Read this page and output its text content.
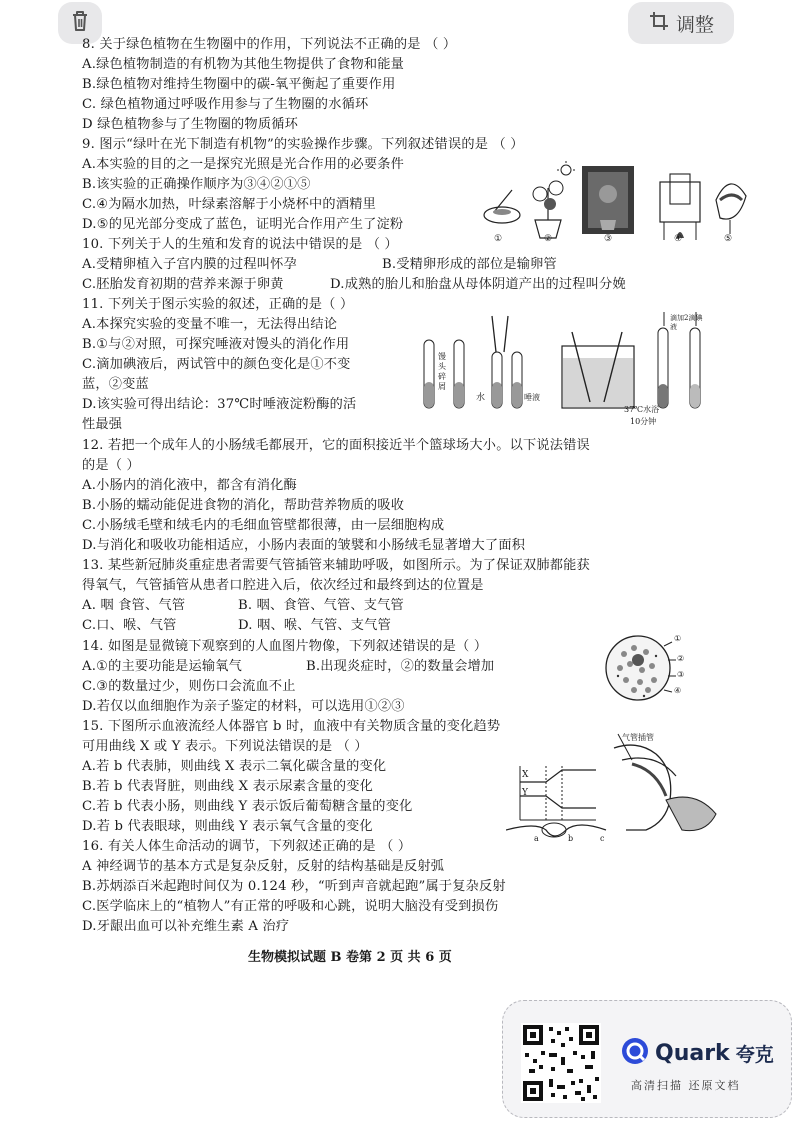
调整
8. 关于绿色植物在生物圈中的作用，下列说法不正确的是 （ ）
A.绿色植物制造的有机物为其他生物提供了食物和能量
B.绿色植物对维持生物圈中的碳-氧平衡起了重要作用
C. 绿色植物通过呼吸作用参与了生物圈的水循环
D 绿色植物参与了生物圈的物质循环
9. 图示“绿叶在光下制造有机物”的实验操作步骤。下列叙述错误的是 （ ）
A.本实验的目的之一是探究光照是光合作用的必要条件
B.该实验的正确操作顺序为③④②①⑤
C.④为隔水加热，叶绿素溶解于小烧杯中的酒精里
D.⑤的见光部分变成了蓝色，证明光合作用产生了淀粉
10. 下列关于人的生殖和发育的说法中错误的是 （ ）
A.受精卵植入子宫内膜的过程叫怀孕	B.受精卵形成的部位是输卵管
C.胚胎发育初期的营养来源于卵黄	D.成熟的胎儿和胎盘从母体阴道产出的过程叫分娩
11. 下列关于图示实验的叙述，正确的是（ ）
A.本探究实验的变量不唯一，无法得出结论
B.①与②对照，可探究唾液对馒头的消化作用
C.滴加碘液后，两试管中的颜色变化是①不变
蓝，②变蓝
D.该实验可得出结论：37℃时唾液淀粉酶的活
性最强
12. 若把一个成年人的小肠绒毛都展开，它的面积接近半个篮球场大小。以下说法错误
的是（ ）
A.小肠内的消化液中，都含有消化酶
B.小肠的蠕动能促进食物的消化，帮助营养物质的吸收
C.小肠绒毛壁和绒毛内的毛细血管壁都很薄，由一层细胞构成
D.与消化和吸收功能相适应，小肠内表面的皱襞和小肠绒毛显著增大了面积
13. 某些新冠肺炎重症患者需要气管插管来辅助呼吸，如图所示。为了保证双肺都能获
得氧气，气管插管从患者口腔进入后，依次经过和最终到达的位置是
A. 咽 食管、气管	B. 咽、食管、气管、支气管
C.口、喉、气管	D. 咽、喉、气管、支气管
14. 如图是显微镜下观察到的人血图片物像，下列叙述错误的是（ ）
A.①的主要功能是运输氧气	B.出现炎症时，②的数量会增加
C.③的数量过少，则伤口会流血不止
D.若仅以血细胞作为亲子鉴定的材料，可以选用①②③
15. 下图所示血液流经人体器官 b 时，血液中有关物质含量的变化趋势
可用曲线 X 或 Y 表示。下列说法错误的是 （ ）
A.若 b 代表肺，则曲线 X 表示二氧化碳含量的变化
B.若 b 代表肾脏，则曲线 X 表示尿素含量的变化
C.若 b 代表小肠，则曲线 Y 表示饭后葡萄糖含量的变化
D.若 b 代表眼球，则曲线 Y 表示氧气含量的变化
16. 有关人体生命活动的调节，下列叙述正确的是 （ ）
A 神经调节的基本方式是复杂反射，反射的结构基础是反射弧
B.苏炳添百米起跑时间仅为 0.124 秒，“听到声音就起跑”属于复杂反射
C.医学临床上的“植物人”有正常的呼吸和心跳，说明大脑没有受到损伤
D.牙龈出血可以补充维生素 A 治疗
生物模拟试题 B 卷第 2 页 共 6 页
①	②	③	④	⑤
馒头碎屑
水	唾液
37℃水浴
10分钟
滴加2滴碘液
①
②
③
④
X
Y
a	b	c
气管插管
Quark 夸克
高清扫描 还原文档
